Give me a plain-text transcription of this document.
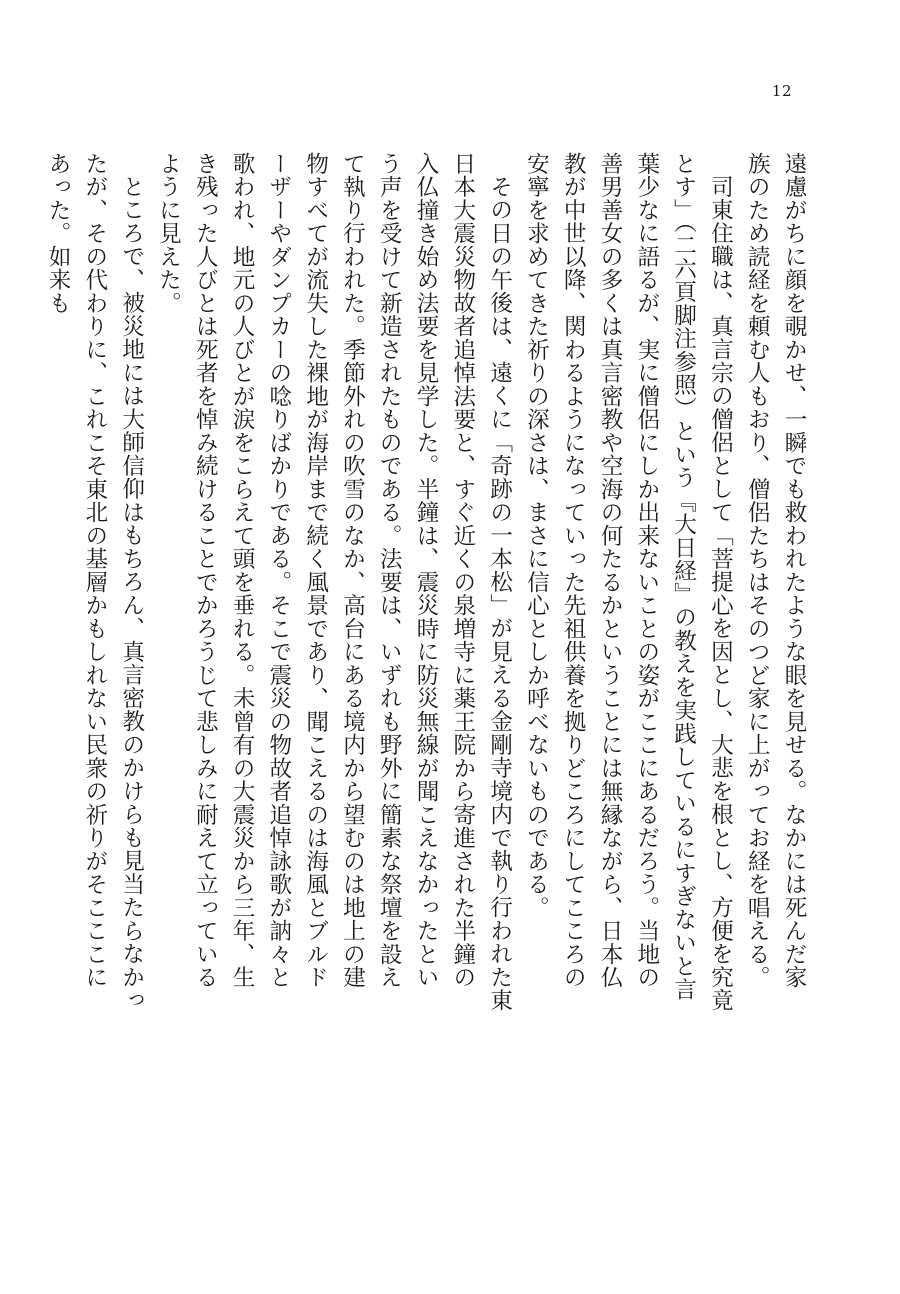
12

遠慮がちに顔を覗かせ、一瞬でも救われたような眼を見せる。なかには死んだ家族のため読経を頼む人もおり、僧侶たちはそのつど家に上がってお経を唱える。

司東住職は、真言宗の僧侶として「菩提心を因とし、大悲を根とし、方便を究竟とす」（二六頁脚注参照）という『大日経』の教えを実践しているにすぎないと言葉少なに語るが、実に僧侶にしか出来ないことの姿がここにあるだろう。当地の善男善女の多くは真言密教や空海の何たるかということには無縁ながら、日本仏教が中世以降、関わるようになっていった先祖供養を拠りどころにしてこころの安寧を求めてきた祈りの深さは、まさに信心としか呼べないものである。

その日の午後は、遠くに「奇跡の一本松」が見える金剛寺境内で執り行われた東日本大震災物故者追悼法要と、すぐ近くの泉増寺に薬王院から寄進された半鐘の入仏撞き始め法要を見学した。半鐘は、震災時に防災無線が聞こえなかったという声を受けて新造されたものである。法要は、いずれも野外に簡素な祭壇を設えて執り行われた。季節外れの吹雪のなか、高台にある境内から望むのは地上の建物すべてが流失した裸地が海岸まで続く風景であり、聞こえるのは海風とブルドーザーやダンプカーの唸りばかりである。そこで震災の物故者追悼詠歌が訥々と歌われ、地元の人びとが涙をこらえて頭を垂れる。未曾有の大震災から三年、生き残った人びとは死者を悼み続けることでかろうじて悲しみに耐えて立っているように見えた。

ところで、被災地には大師信仰はもちろん、真言密教のかけらも見当たらなかったが、その代わりに、これこそ東北の基層かもしれない民衆の祈りがそこここにあった。如来も
